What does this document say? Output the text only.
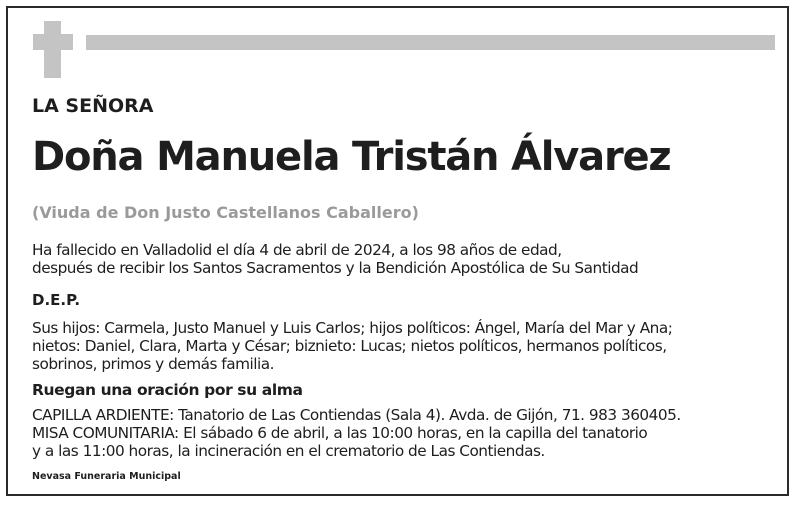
LA SEÑORA

Doña Manuela Tristán Álvarez

(Viuda de Don Justo Castellanos Caballero)

Ha fallecido en Valladolid el día 4 de abril de 2024, a los 98 años de edad,
después de recibir los Santos Sacramentos y la Bendición Apostólica de Su Santidad

D.E.P.

Sus hijos: Carmela, Justo Manuel y Luis Carlos; hijos políticos: Ángel, María del Mar y Ana;
nietos: Daniel, Clara, Marta y César; biznieto: Lucas; nietos políticos, hermanos políticos,
sobrinos, primos y demás familia.

Ruegan una oración por su alma

CAPILLA ARDIENTE: Tanatorio de Las Contiendas (Sala 4). Avda. de Gijón, 71. 983 360405.
MISA COMUNITARIA: El sábado 6 de abril, a las 10:00 horas, en la capilla del tanatorio
y a las 11:00 horas, la incineración en el crematorio de Las Contiendas.

Nevasa Funeraria Municipal
